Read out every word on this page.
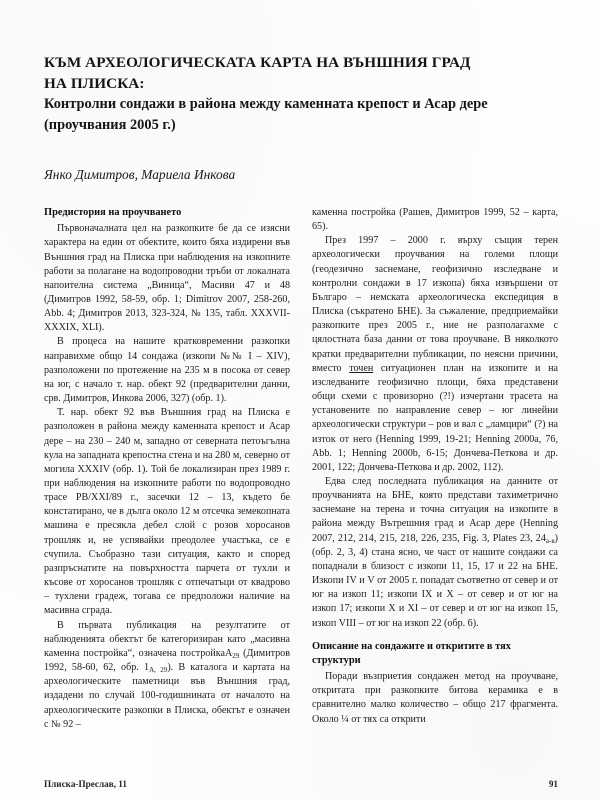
КЪМ АРХЕОЛОГИЧЕСКАТА КАРТА НА ВЪНШНИЯ ГРАД
НА ПЛИСКА:
Контролни сондажи в района между каменната крепост и Асар дере
(проучвания 2005 г.)
Янко Димитров, Мариела Инкова
Предистория на проучването

Първоначалната цел на разкопките бе да се изясни характера на един от обектите, които бяха издирени във Външния град на Плиска при наблюдения на изкопните работи за полагане на водопроводни тръби от локалната напоителна система „Виница“, Масиви 47 и 48 (Димитров 1992, 58-59, обр. 1; Dimitrov 2007, 258-260, Abb. 4; Димитров 2013, 323-324, № 135, табл. XXXVII-XXXIX, XLI).

В процеса на нашите кратковременни разкопки направихме общо 14 сондажа (изкопи №№ I – XIV), разположени по протежение на 235 м в посока от север на юг, с начало т. нар. обект 92 (предварителни данни, срв. Димитров, Инкова 2006, 327) (обр. 1).

Т. нар. обект 92 във Външния град на Плиска е разположен в района между каменната крепост и Асар дере – на 230 – 240 м, западно от северната петоъгълна кула на западната крепостна стена и на 280 м, северно от могила XXXIV (обр. 1). Той бе локализиран през 1989 г. при наблюдения на изкопните работи по водопроводно трасе РВ/XXI/89 г., засечки 12 – 13, където бе констатирано, че в дълга около 12 м отсечка земекопната машина е пресякла дебел слой с розов хоросанов трошляк и, не успявайки преодолее участъка, се е счупила. Съобразно тази ситуация, както и според разпръснатите на повърхността парчета от тухли и късове от хоросанов трошляк с отпечатъци от квадрово – тухлени градеж, тогава се предположи наличие на масивна сграда.

В първата публикация на резултатите от наблюденията обектът бе категоризиран като „масивна каменна постройка“, означена постройкаА$_{29}$ (Димитров 1992, 58-60, 62, обр. $1_{A, 29}$). В каталога и картата на археологическите паметници във Външния град, издадени по случай 100-годишнината от началото на археологическите разкопки в Плиска, обектът е означен с № 92 –

каменна постройка (Рашев, Димитров 1999, 52 – карта, 65).

През 1997 – 2000 г. върху същия терен археологически проучвания на големи площи (геодезично заснемане, геофизично изследване и контролни сондажи в 17 изкопа) бяха извършени от Българо – немската археологическа експедиция в Плиска (съкратено БНЕ). За съжаление, предприемайки разкопките през 2005 г., ние не разполагахме с цялостната база данни от това проучване. В няколкото кратки предварителни публикации, по неясни причини, вместо точен ситуационен план на изкопите и на изследваните геофизично площи, бяха представени общи схеми с провизорно (?!) изчертани трасета на установените по направление север – юг линейни археологически структури – ров и вал с „ламцири“ (?) на изток от него (Henning 1999, 19-21; Henning 2000a, 76, Abb. 1; Henning 2000b, 6-15; Дончева-Петкова и др. 2001, 122; Дончева-Петкова и др. 2002, 112).

Едва след последната публикация на данните от проучванията на БНЕ, която представи тахиметрично заснемане на терена и точна ситуация на изкопите в района между Вътрешния град и Асар дере (Henning 2007, 212, 214, 215, 218, 226, 235, Fig. 3, Plates 23, $24_{а-в}$) (обр. 2, 3, 4) стана ясно, че част от нашите сондажи са попаднали в близост с изкопи 11, 15, 17 и 22 на БНЕ. Изкопи IV и V от 2005 г. попадат съответно от север и от юг на изкоп 11; изкопи IX и X – от север и от юг на изкоп 17; изкопи X и XI – от север и от юг на изкоп 15, изкоп VIII – от юг на изкоп 22 (обр. 6).

Описание на сондажите и откритите в тях структури

Поради възприетия сондажен метод на проучване, откритата при разкопките битова керамика е в сравнително малко количество – общо 217 фрагмента. Около ¼ от тях са открити

Плиска-Преслав, 11	91
